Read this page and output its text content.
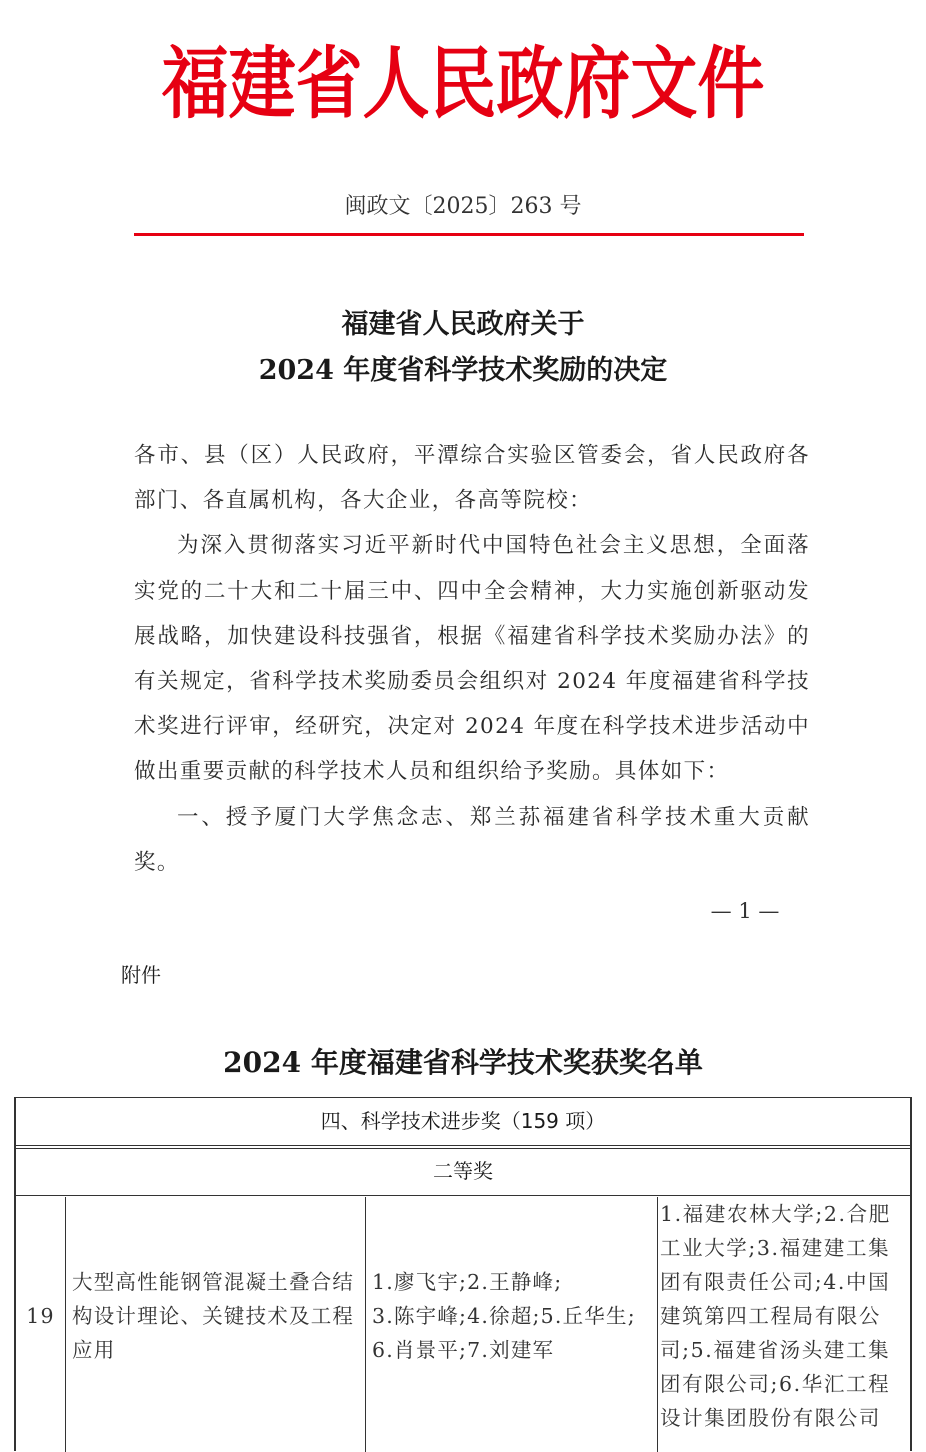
福建省人民政府文件
闽政文〔2025〕263 号
福建省人民政府关于
2024 年度省科学技术奖励的决定

各市、县（区）人民政府，平潭综合实验区管委会，省人民政府各部门、各直属机构，各大企业，各高等院校：

为深入贯彻落实习近平新时代中国特色社会主义思想，全面落实党的二十大和二十届三中、四中全会精神，大力实施创新驱动发展战略，加快建设科技强省，根据《福建省科学技术奖励办法》的有关规定，省科学技术奖励委员会组织对 2024 年度福建省科学技术奖进行评审，经研究，决定对 2024 年度在科学技术进步活动中做出重要贡献的科学技术人员和组织给予奖励。具体如下：

一、授予厦门大学焦念志、郑兰荪福建省科学技术重大贡献奖。

— 1 —
附件
2024 年度福建省科学技术奖获奖名单
四、科学技术进步奖（159 项）
二等奖
19
大型高性能钢管混凝土叠合结构设计理论、关键技术及工程应用
1.廖飞宇;2.王静峰;
3.陈宇峰;4.徐超;5.丘华生;
6.肖景平;7.刘建军
1.福建农林大学;2.合肥
工业大学;3.福建建工集
团有限责任公司;4.中国
建筑第四工程局有限公
司;5.福建省汤头建工集
团有限公司;6.华汇工程
设计集团股份有限公司
